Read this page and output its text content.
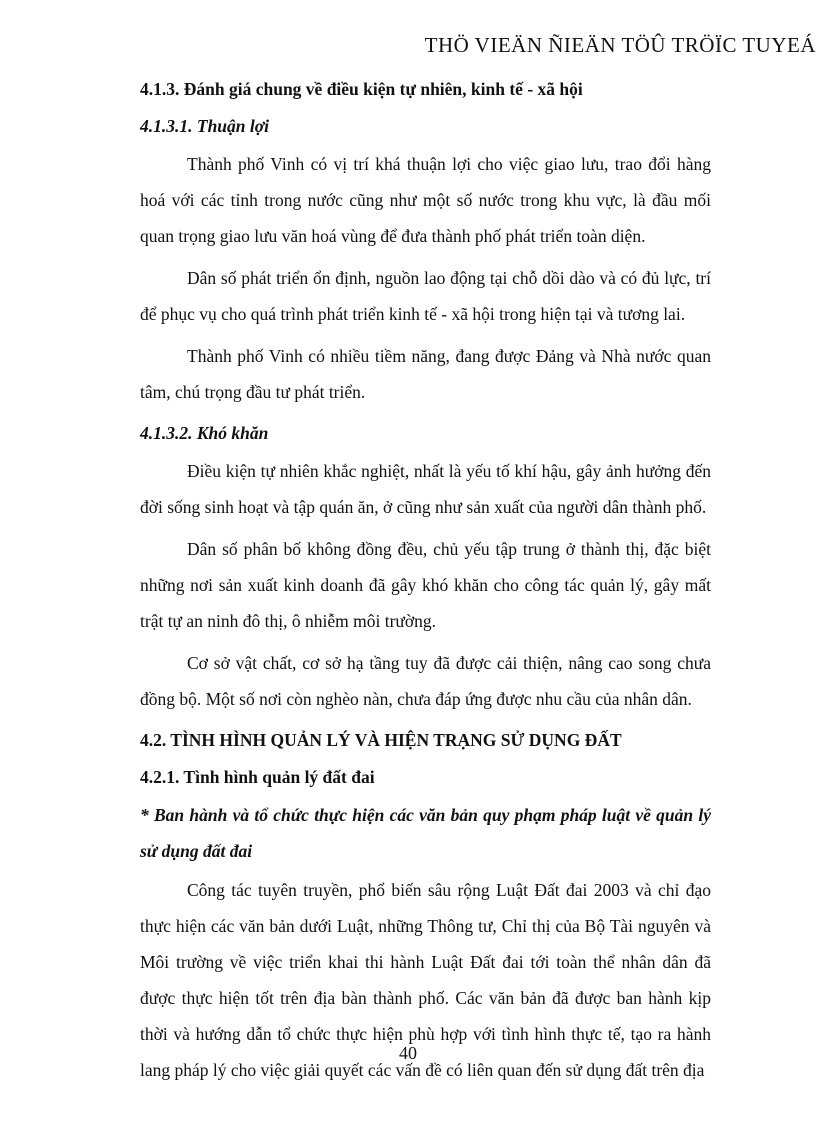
THÖ VIEÄN ÑIEÄN TÖÛ TRÖÏC TUYEÁ
4.1.3. Đánh giá chung về điều kiện tự nhiên, kinh tế - xã hội
4.1.3.1. Thuận lợi

Thành phố Vinh có vị trí khá thuận lợi cho việc giao lưu, trao đổi hàng hoá với các tỉnh trong nước cũng như một số nước trong khu vực, là đầu mối quan trọng giao lưu văn hoá vùng để đưa thành phố phát triển toàn diện.

Dân số phát triển ổn định, nguồn lao động tại chỗ dồi dào và có đủ lực, trí để phục vụ cho quá trình phát triển kinh tế - xã hội trong hiện tại và tương lai.

Thành phố Vinh có nhiều tiềm năng, đang được Đảng và Nhà nước quan tâm, chú trọng đầu tư phát triển.

4.1.3.2. Khó khăn

Điều kiện tự nhiên khắc nghiệt, nhất là yếu tố khí hậu, gây ảnh hưởng đến đời sống sinh hoạt và tập quán ăn, ở cũng như sản xuất của người dân thành phố.

Dân số phân bố không đồng đều, chủ yếu tập trung ở thành thị, đặc biệt những nơi sản xuất kinh doanh đã gây khó khăn cho công tác quản lý, gây mất trật tự an ninh đô thị, ô nhiễm môi trường.

Cơ sở vật chất, cơ sở hạ tầng tuy đã được cải thiện, nâng cao song chưa đồng bộ. Một số nơi còn nghèo nàn, chưa đáp ứng được nhu cầu của nhân dân.

4.2. TÌNH HÌNH QUẢN LÝ VÀ HIỆN TRẠNG SỬ DỤNG ĐẤT
4.2.1. Tình hình quản lý đất đai
* Ban hành và tổ chức thực hiện các văn bản quy phạm pháp luật về quản lý sử dụng đất đai

Công tác tuyên truyền, phổ biến sâu rộng Luật Đất đai 2003 và chỉ đạo thực hiện các văn bản dưới Luật, những Thông tư, Chỉ thị của Bộ Tài nguyên và Môi trường về việc triển khai thi hành Luật Đất đai tới toàn thể nhân dân đã được thực hiện tốt trên địa bàn thành phố. Các văn bản đã được ban hành kịp thời và hướng dẫn tổ chức thực hiện phù hợp với tình hình thực tế, tạo ra hành lang pháp lý cho việc giải quyết các vấn đề có liên quan đến sử dụng đất trên địa

40
